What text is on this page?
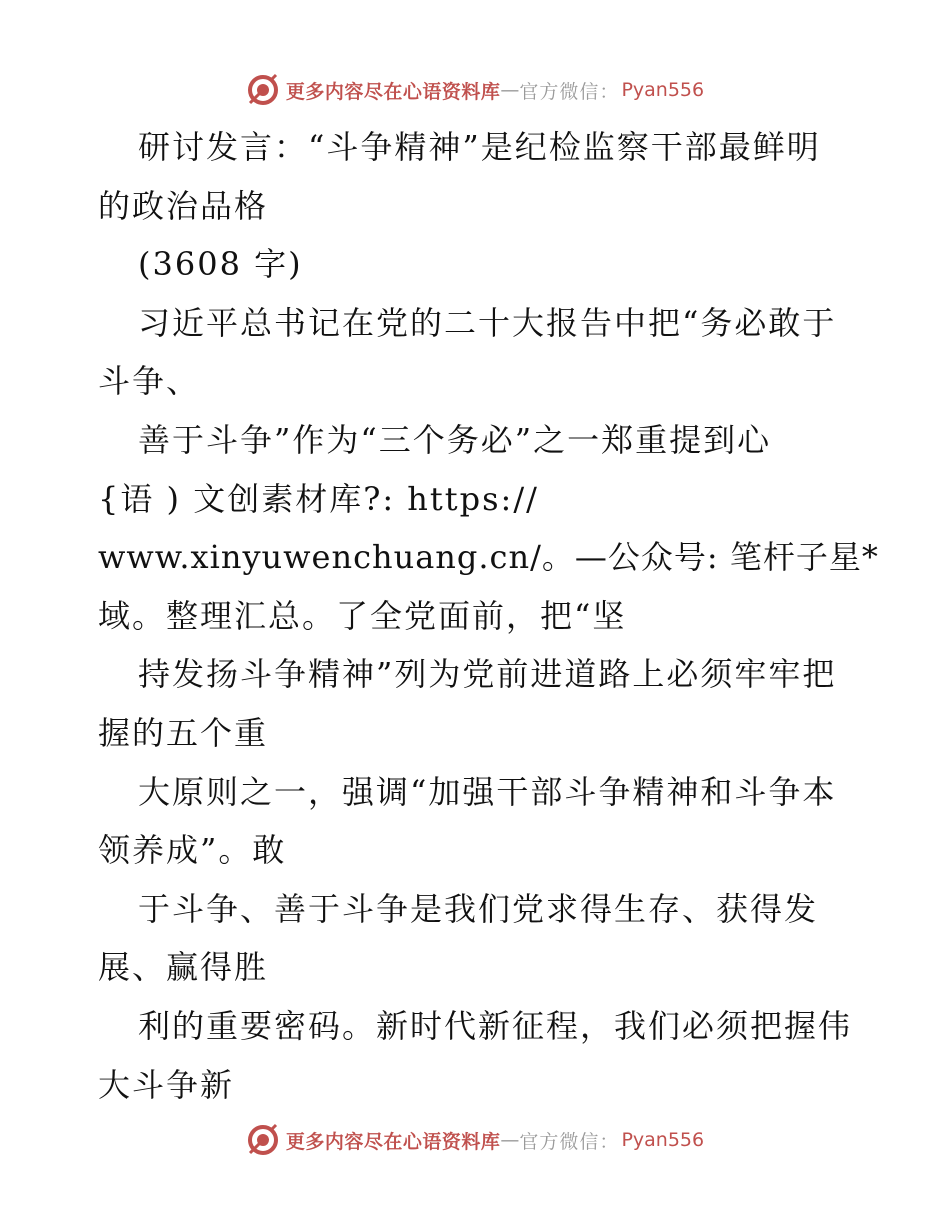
更多内容尽在心语资料库 — 官方微信： Pyan556
研讨发言：“斗争精神”是纪检监察干部最鲜明
的政治品格
(3608 字)
习近平总书记在党的二十大报告中把“务必敢于
斗争、
善于斗争”作为“三个务必”之一郑重提到心
{语 ) 文创素材库?: https://
www.xinyuwenchuang.cn/。—公众号: 笔杆子星*
域。整理汇总。了全党面前，把“坚
持发扬斗争精神”列为党前进道路上必须牢牢把
握的五个重
大原则之一，强调“加强干部斗争精神和斗争本
领养成”。敢
于斗争、善于斗争是我们党求得生存、获得发
展、赢得胜
利的重要密码。新时代新征程，我们必须把握伟
大斗争新
更多内容尽在心语资料库 — 官方微信： Pyan556
